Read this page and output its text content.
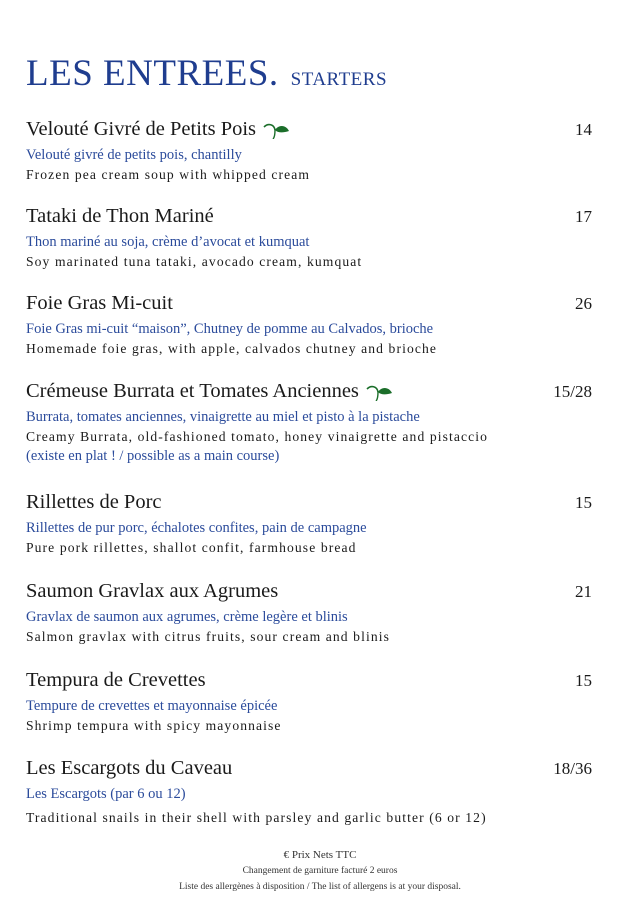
LES ENTREES. STARTERS
Velouté Givré de Petits Pois	14
Velouté givré de petits pois, chantilly
Frozen pea cream soup with whipped cream
Tataki de Thon Mariné	17
Thon mariné au soja, crème d’avocat et kumquat
Soy marinated tuna tataki, avocado cream, kumquat
Foie Gras Mi-cuit	26
Foie Gras mi-cuit “maison”, Chutney de pomme au Calvados, brioche
Homemade foie gras, with apple, calvados chutney and brioche
Crémeuse Burrata et Tomates Anciennes	15/28
Burrata, tomates anciennes, vinaigrette au miel et pisto à la pistache
Creamy Burrata, old-fashioned tomato, honey vinaigrette and pistaccio
(existe en plat ! / possible as a main course)
Rillettes de Porc	15
Rillettes de pur porc, échalotes confites, pain de campagne
Pure pork rillettes, shallot confit, farmhouse bread
Saumon Gravlax aux Agrumes	21
Gravlax de saumon aux agrumes, crème legère et blinis
Salmon gravlax with citrus fruits, sour cream and blinis
Tempura de Crevettes	15
Tempure de crevettes et mayonnaise épicée
Shrimp tempura with spicy mayonnaise
Les Escargots du Caveau	18/36
Les Escargots (par 6 ou 12)
Traditional snails in their shell with parsley and garlic butter (6 or 12)
€ Prix Nets TTC
Changement de garniture facturé 2 euros
Liste des allergènes à disposition / The list of allergens is at your disposal.
